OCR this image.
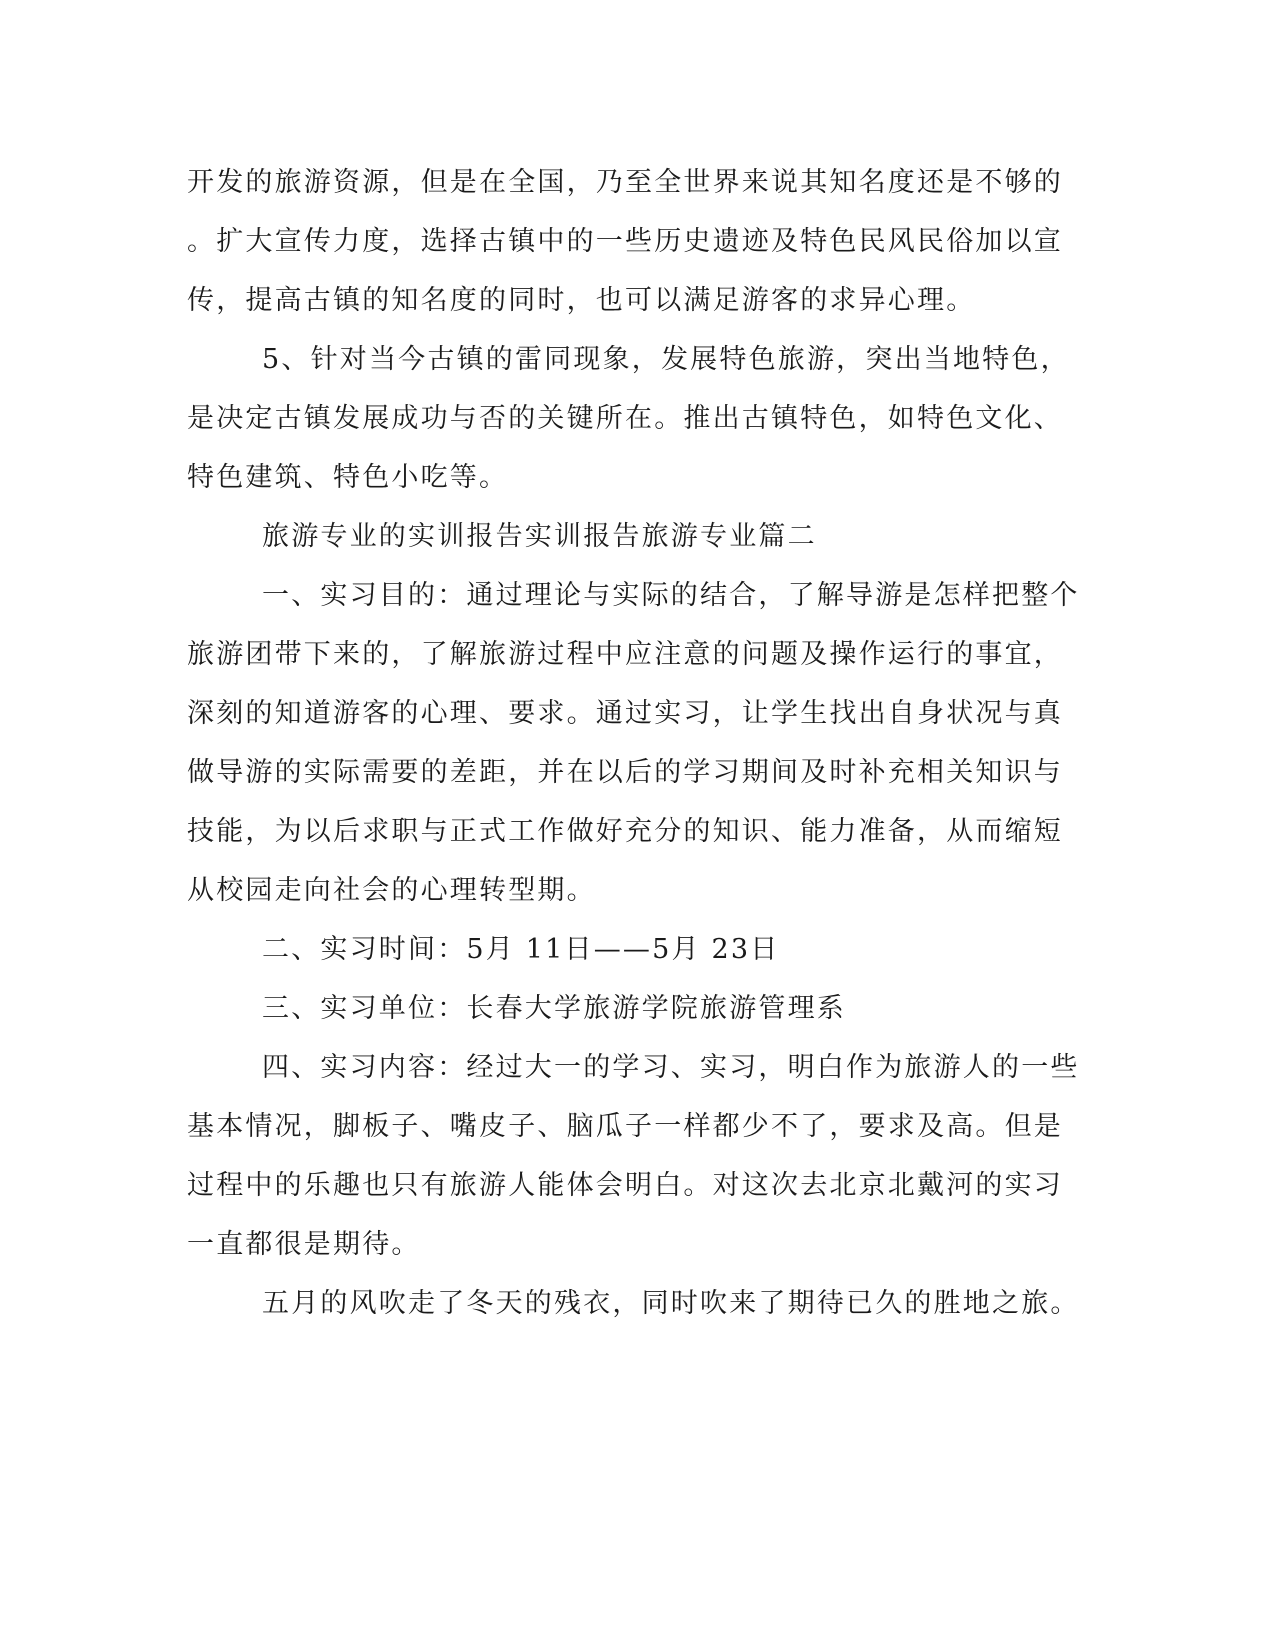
开发的旅游资源，但是在全国，乃至全世界来说其知名度还是不够的
。扩大宣传力度，选择古镇中的一些历史遗迹及特色民风民俗加以宣
传，提高古镇的知名度的同时，也可以满足游客的求异心理。
5、针对当今古镇的雷同现象，发展特色旅游，突出当地特色，
是决定古镇发展成功与否的关键所在。推出古镇特色，如特色文化、
特色建筑、特色小吃等。
旅游专业的实训报告实训报告旅游专业篇二
一、实习目的：通过理论与实际的结合，了解导游是怎样把整个
旅游团带下来的，了解旅游过程中应注意的问题及操作运行的事宜，
深刻的知道游客的心理、要求。通过实习，让学生找出自身状况与真
做导游的实际需要的差距，并在以后的学习期间及时补充相关知识与
技能，为以后求职与正式工作做好充分的知识、能力准备，从而缩短
从校园走向社会的心理转型期。
二、实习时间：5月 11日——5月 23日
三、实习单位：长春大学旅游学院旅游管理系
四、实习内容：经过大一的学习、实习，明白作为旅游人的一些
基本情况，脚板子、嘴皮子、脑瓜子一样都少不了，要求及高。但是
过程中的乐趣也只有旅游人能体会明白。对这次去北京北戴河的实习
一直都很是期待。
五月的风吹走了冬天的残衣，同时吹来了期待已久的胜地之旅。
